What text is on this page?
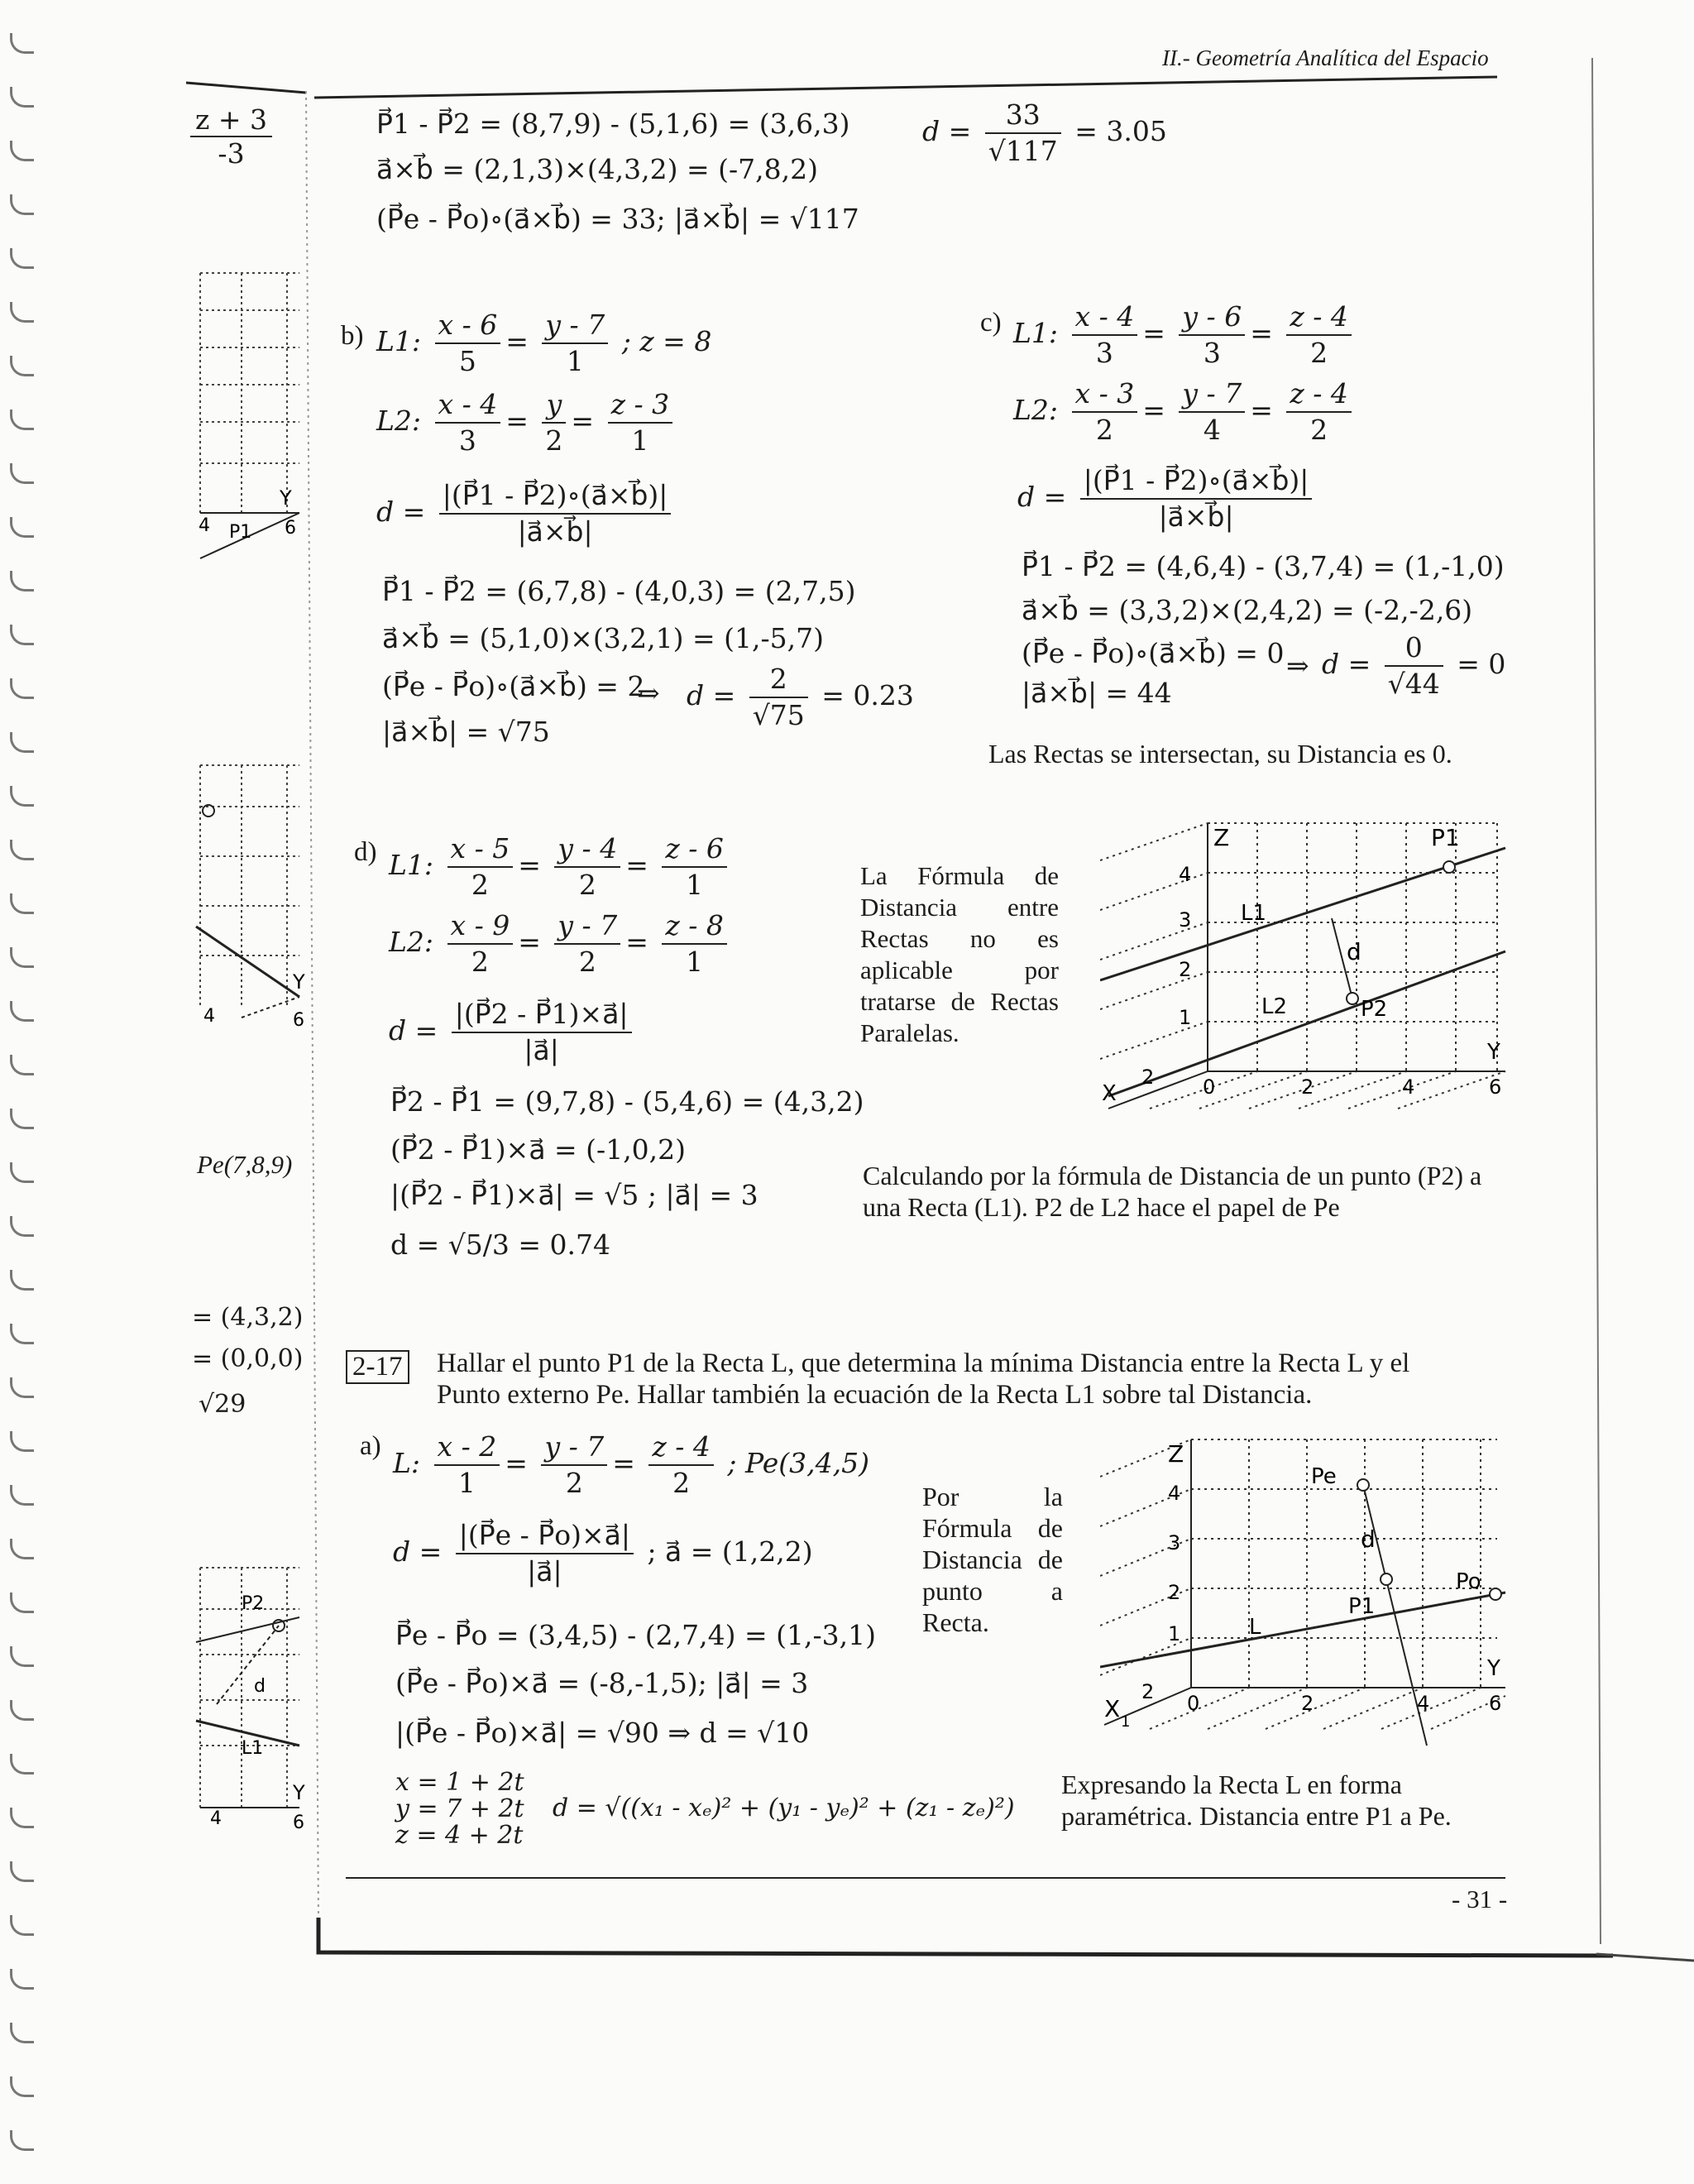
II.- Geometría Analítica del Espacio
$\frac{z + 3}{-3}$
Y
4 P1 6
Y
4	6
Pe(7,8,9)
= (4,3,2)
= (0,0,0)
√29
P2
d
L1
Y
4	6
P⃗1 - P⃗2 = (8,7,9) - (5,1,6) = (3,6,3)
a⃗×b⃗ = (2,1,3)×(4,3,2) = (-7,8,2)
(P⃗e - P⃗o)∘(a⃗×b⃗) = 33; |a⃗×b⃗| = √117
$d = \frac{33}{√117} = 3.05$
b) L1: $\frac{x - 6}{5} = \frac{y - 7}{1}$ ; z = 8
L2: $\frac{x - 4}{3} = \frac{y}{2} = \frac{z - 3}{1}$
$d = \frac{|(P⃗1 - P⃗2)\circ(a⃗\times b⃗)|}{|a⃗\times b⃗|}$
P⃗1 - P⃗2 = (6,7,8) - (4,0,3) = (2,7,5)
a⃗×b⃗ = (5,1,0)×(3,2,1) = (1,-5,7)
(P⃗e - P⃗o)∘(a⃗×b⃗) = 2
|a⃗×b⃗| = √75
⇒ $d = \frac{2}{√75} = 0.23$
c) L1: $\frac{x - 4}{3} = \frac{y - 6}{3} = \frac{z - 4}{2}$
L2: $\frac{x - 3}{2} = \frac{y - 7}{4} = \frac{z - 4}{2}$
$d = \frac{|(P⃗1 - P⃗2)\circ(a⃗\times b⃗)|}{|a⃗\times b⃗|}$
P⃗1 - P⃗2 = (4,6,4) - (3,7,4) = (1,-1,0)
a⃗×b⃗ = (3,3,2)×(2,4,2) = (-2,-2,6)
(P⃗e - P⃗o)∘(a⃗×b⃗) = 0
|a⃗×b⃗| = 44
⇒ $d = \frac{0}{√44} = 0$
Las Rectas se intersectan, su Distancia es 0.
d) L1: $\frac{x - 5}{2} = \frac{y - 4}{2} = \frac{z - 6}{1}$
L2: $\frac{x - 9}{2} = \frac{y - 7}{2} = \frac{z - 8}{1}$
$d = \frac{|(P⃗2 - P⃗1)\times a⃗|}{|a⃗|}$
P⃗2 - P⃗1 = (9,7,8) - (5,4,6) = (4,3,2)
(P⃗2 - P⃗1)×a⃗ = (-1,0,2)
|(P⃗2 - P⃗1)×a⃗| = √5 ; |a⃗| = 3
d = √5/3 = 0.74
La Fórmula de Distancia entre Rectas no es aplicable por tratarse de Rectas Paralelas.
Calculando por la fórmula de Distancia de un punto (P2) a una Recta (L1). P2 de L2 hace el papel de Pe
Z	P1
4
3
2
1
L1
d
L2	P2
Y
X
2 0	2	4	6
2-17 Hallar el punto P1 de la Recta L, que determina la mínima Distancia entre la Recta L y el
Punto externo Pe. Hallar también la ecuación de la Recta L1 sobre tal Distancia.
a)
L: $\frac{x - 2}{1} = \frac{y - 7}{2} = \frac{z - 4}{2}$ ; Pe(3,4,5)
$d = \frac{|(P⃗e - P⃗o)\times a⃗|}{|a⃗|}$ ; a⃗ = (1,2,2)
P⃗e - P⃗o = (3,4,5) - (2,7,4) = (1,-3,1)
(P⃗e - P⃗o)×a⃗ = (-8,-1,5); |a⃗| = 3
|(P⃗e - P⃗o)×a⃗| = √90 ⇒ d = √10
x = 1 + 2t
y = 7 + 2t
z = 4 + 2t
d = √((x₁ - xₑ)² + (y₁ - yₑ)² + (z₁ - zₑ)²)
Por la Fórmula de Distancia de punto a Recta.
Expresando la Recta L en forma paramétrica. Distancia entre P1 a Pe.
Z
Pe
4
3
2
1
d
Po
P1
L
Y
X 1
2 0	2	4	6
- 31 -
